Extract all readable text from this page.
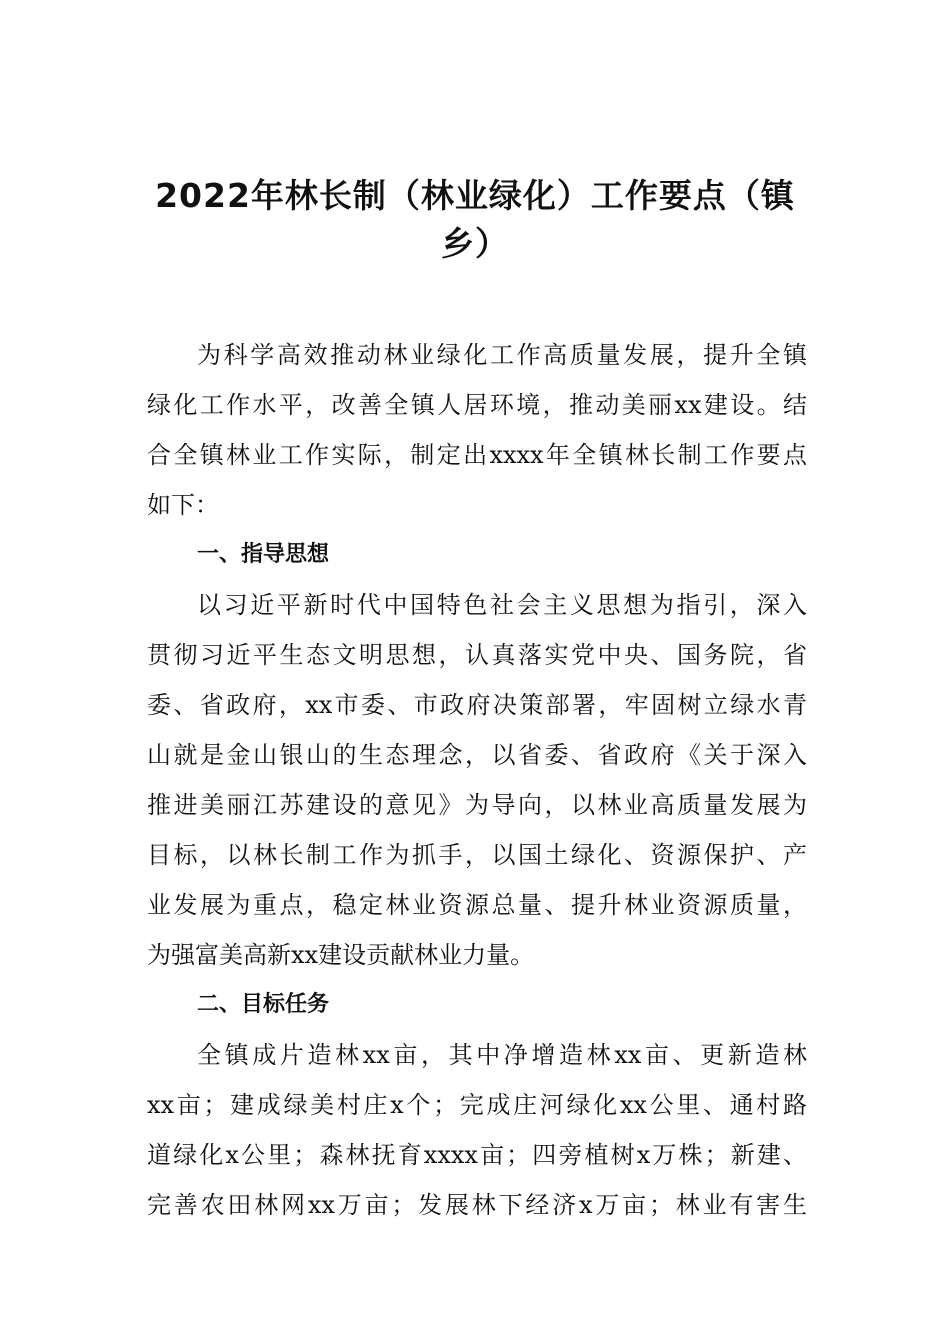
2022年林长制（林业绿化）工作要点（镇
乡）
为科学高效推动林业绿化工作高质量发展，提升全镇
绿化工作水平，改善全镇人居环境，推动美丽xx建设。结
合全镇林业工作实际，制定出xxxx年全镇林长制工作要点
如下：
一、指导思想
以习近平新时代中国特色社会主义思想为指引，深入
贯彻习近平生态文明思想，认真落实党中央、国务院，省
委、省政府，xx市委、市政府决策部署，牢固树立绿水青
山就是金山银山的生态理念，以省委、省政府《关于深入
推进美丽江苏建设的意见》为导向，以林业高质量发展为
目标，以林长制工作为抓手，以国土绿化、资源保护、产
业发展为重点，稳定林业资源总量、提升林业资源质量，
为强富美高新xx建设贡献林业力量。
二、目标任务
全镇成片造林xx亩，其中净增造林xx亩、更新造林
xx亩；建成绿美村庄x个；完成庄河绿化xx公里、通村路
道绿化x公里；森林抚育xxxx亩；四旁植树x万株；新建、
完善农田林网xx万亩；发展林下经济x万亩；林业有害生
